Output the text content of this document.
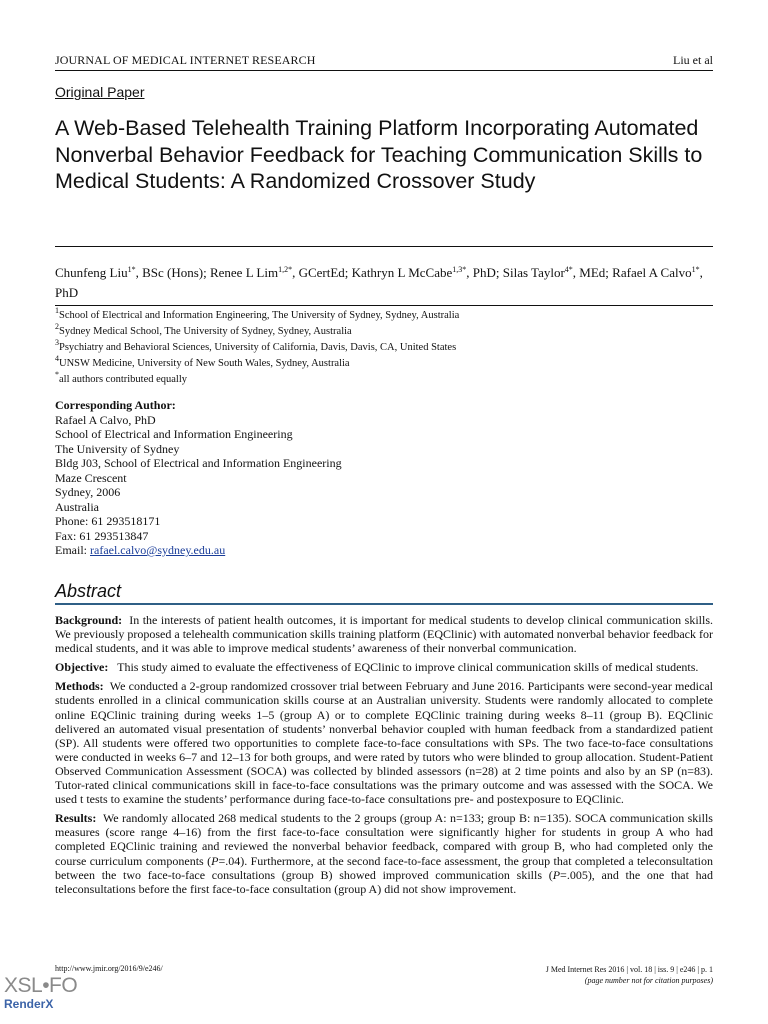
JOURNAL OF MEDICAL INTERNET RESEARCH	Liu et al
Original Paper
A Web-Based Telehealth Training Platform Incorporating Automated Nonverbal Behavior Feedback for Teaching Communication Skills to Medical Students: A Randomized Crossover Study
Chunfeng Liu$^{1*}$, BSc (Hons); Renee L Lim$^{1,2*}$, GCertEd; Kathryn L McCabe$^{1,3*}$, PhD; Silas Taylor$^{4*}$, MEd; Rafael A Calvo$^{1*}$, PhD
$^1$School of Electrical and Information Engineering, The University of Sydney, Sydney, Australia
$^2$Sydney Medical School, The University of Sydney, Sydney, Australia
$^3$Psychiatry and Behavioral Sciences, University of California, Davis, Davis, CA, United States
$^4$UNSW Medicine, University of New South Wales, Sydney, Australia
*all authors contributed equally
Corresponding Author:
Rafael A Calvo, PhD
School of Electrical and Information Engineering
The University of Sydney
Bldg J03, School of Electrical and Information Engineering
Maze Crescent
Sydney, 2006
Australia
Phone: 61 293518171
Fax: 61 293513847
Email: rafael.calvo@sydney.edu.au
Abstract

Background: In the interests of patient health outcomes, it is important for medical students to develop clinical communication skills. We previously proposed a telehealth communication skills training platform (EQClinic) with automated nonverbal behavior feedback for medical students, and it was able to improve medical students’ awareness of their nonverbal communication.

Objective: This study aimed to evaluate the effectiveness of EQClinic to improve clinical communication skills of medical students.

Methods: We conducted a 2-group randomized crossover trial between February and June 2016. Participants were second-year medical students enrolled in a clinical communication skills course at an Australian university. Students were randomly allocated to complete online EQClinic training during weeks 1–5 (group A) or to complete EQClinic training during weeks 8–11 (group B). EQClinic delivered an automated visual presentation of students’ nonverbal behavior coupled with human feedback from a standardized patient (SP). All students were offered two opportunities to complete face-to-face consultations with SPs. The two face-to-face consultations were conducted in weeks 6–7 and 12–13 for both groups, and were rated by tutors who were blinded to group allocation. Student-Patient Observed Communication Assessment (SOCA) was collected by blinded assessors (n=28) at 2 time points and also by an SP (n=83). Tutor-rated clinical communications skill in face-to-face consultations was the primary outcome and was assessed with the SOCA. We used t tests to examine the students’ performance during face-to-face consultations pre- and postexposure to EQClinic.

Results: We randomly allocated 268 medical students to the 2 groups (group A: n=133; group B: n=135). SOCA communication skills measures (score range 4–16) from the first face-to-face consultation were significantly higher for students in group A who had completed EQClinic training and reviewed the nonverbal behavior feedback, compared with group B, who had completed only the course curriculum components (P=.04). Furthermore, at the second face-to-face assessment, the group that completed a teleconsultation between the two face-to-face consultations (group B) showed improved communication skills (P=.005), and the one that had teleconsultations before the first face-to-face consultation (group A) did not show improvement.

http://www.jmir.org/2016/9/e246/	J Med Internet Res 2016 | vol. 18 | iss. 9 | e246 | p. 1
(page number not for citation purposes)
XSL•FO
RenderX
